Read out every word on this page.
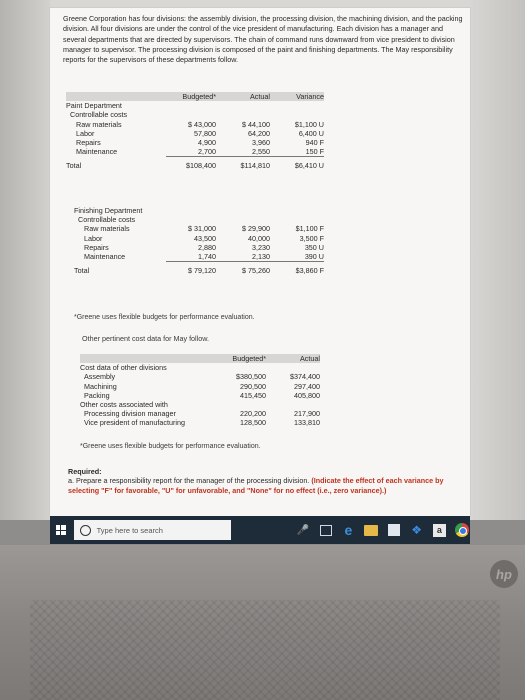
Greene Corporation has four divisions: the assembly division, the processing division, the machining division, and the packing division. All four divisions are under the control of the vice president of manufacturing. Each division has a manager and several departments that are directed by supervisors. The chain of command runs downward from vice president to division manager to supervisor. The processing division is composed of the paint and finishing departments. The May responsibility reports for the supervisors of these departments follow.
	Budgeted*	Actual	Variance
Paint Department			
Controllable costs			
Raw materials	$ 43,000	$ 44,100	$1,100 U
Labor	57,800	64,200	6,400 U
Repairs	4,900	3,960	940 F
Maintenance	2,700	2,550	150 F
Total	$108,400	$114,810	$6,410 U
Finishing Department			
Controllable costs			
Raw materials	$ 31,000	$ 29,900	$1,100 F
Labor	43,500	40,000	3,500 F
Repairs	2,880	3,230	350 U
Maintenance	1,740	2,130	390 U
Total	$ 79,120	$ 75,260	$3,860 F
*Greene uses flexible budgets for performance evaluation.
Other pertinent cost data for May follow.
	Budgeted*	Actual
Cost data of other divisions		
Assembly	$380,500	$374,400
Machining	290,500	297,400
Packing	415,450	405,800
Other costs associated with		
Processing division manager	220,200	217,900
Vice president of manufacturing	128,500	133,810
*Greene uses flexible budgets for performance evaluation.
Required:
a. Prepare a responsibility report for the manager of the processing division. (Indicate the effect of each variance by selecting "F" for favorable, "U" for unfavorable, and "None" for no effect (i.e., zero variance).)
Type here to search	🎤	e	❖	a
hp
